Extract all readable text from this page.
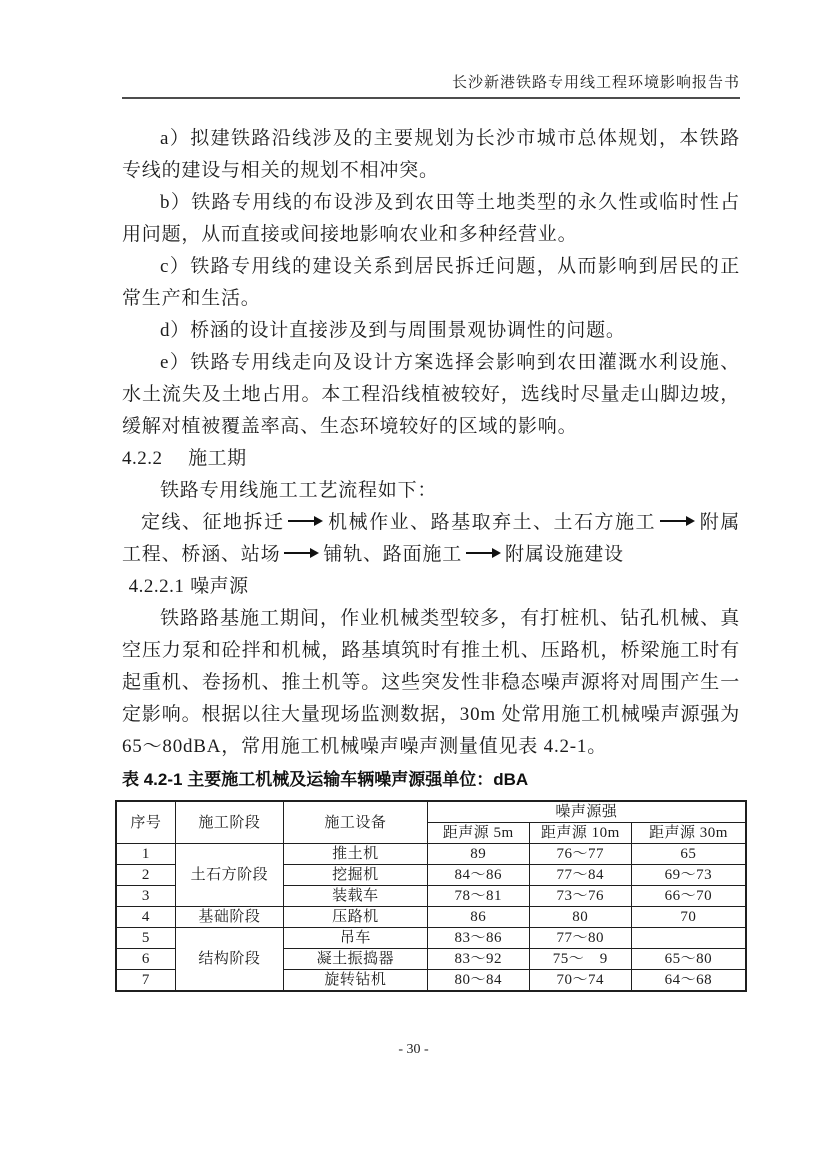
长沙新港铁路专用线工程环境影响报告书

a）拟建铁路沿线涉及的主要规划为长沙市城市总体规划，本铁路专线的建设与相关的规划不相冲突。

b）铁路专用线的布设涉及到农田等土地类型的永久性或临时性占用问题，从而直接或间接地影响农业和多种经营业。

c）铁路专用线的建设关系到居民拆迁问题，从而影响到居民的正常生产和生活。

d）桥涵的设计直接涉及到与周围景观协调性的问题。

e）铁路专用线走向及设计方案选择会影响到农田灌溉水利设施、水土流失及土地占用。本工程沿线植被较好，选线时尽量走山脚边坡，缓解对植被覆盖率高、生态环境较好的区域的影响。

4.2.2 施工期

铁路专用线施工工艺流程如下：

定线、征地拆迁 机械作业、路基取弃土、土石方施工 附属工程、桥涵、站场 铺轨、路面施工 附属设施建设

4.2.2.1 噪声源

铁路路基施工期间，作业机械类型较多，有打桩机、钻孔机械、真空压力泵和砼拌和机械，路基填筑时有推土机、压路机，桥梁施工时有起重机、卷扬机、推土机等。这些突发性非稳态噪声源将对周围产生一定影响。根据以往大量现场监测数据，30m 处常用施工机械噪声源强为 65～80dBA，常用施工机械噪声噪声测量值见表 4.2-1。

表 4.2-1 主要施工机械及运输车辆噪声源强单位：dBA

序号	施工阶段	施工设备	噪声源强		
			距声源 5m	距声源 10m	距声源 30m
1	土石方阶段	推土机	89	76～77	65
2		挖掘机	84～86	77～84	69～73
3		装载车	78～81	73～76	66～70
4	基础阶段	压路机	86	80	70
5	结构阶段	吊车	83～86	77～80	
6		凝土振捣器	83～92	75～　9	65～80
7		旋转钻机	80～84	70～74	64～68
- 30 -
